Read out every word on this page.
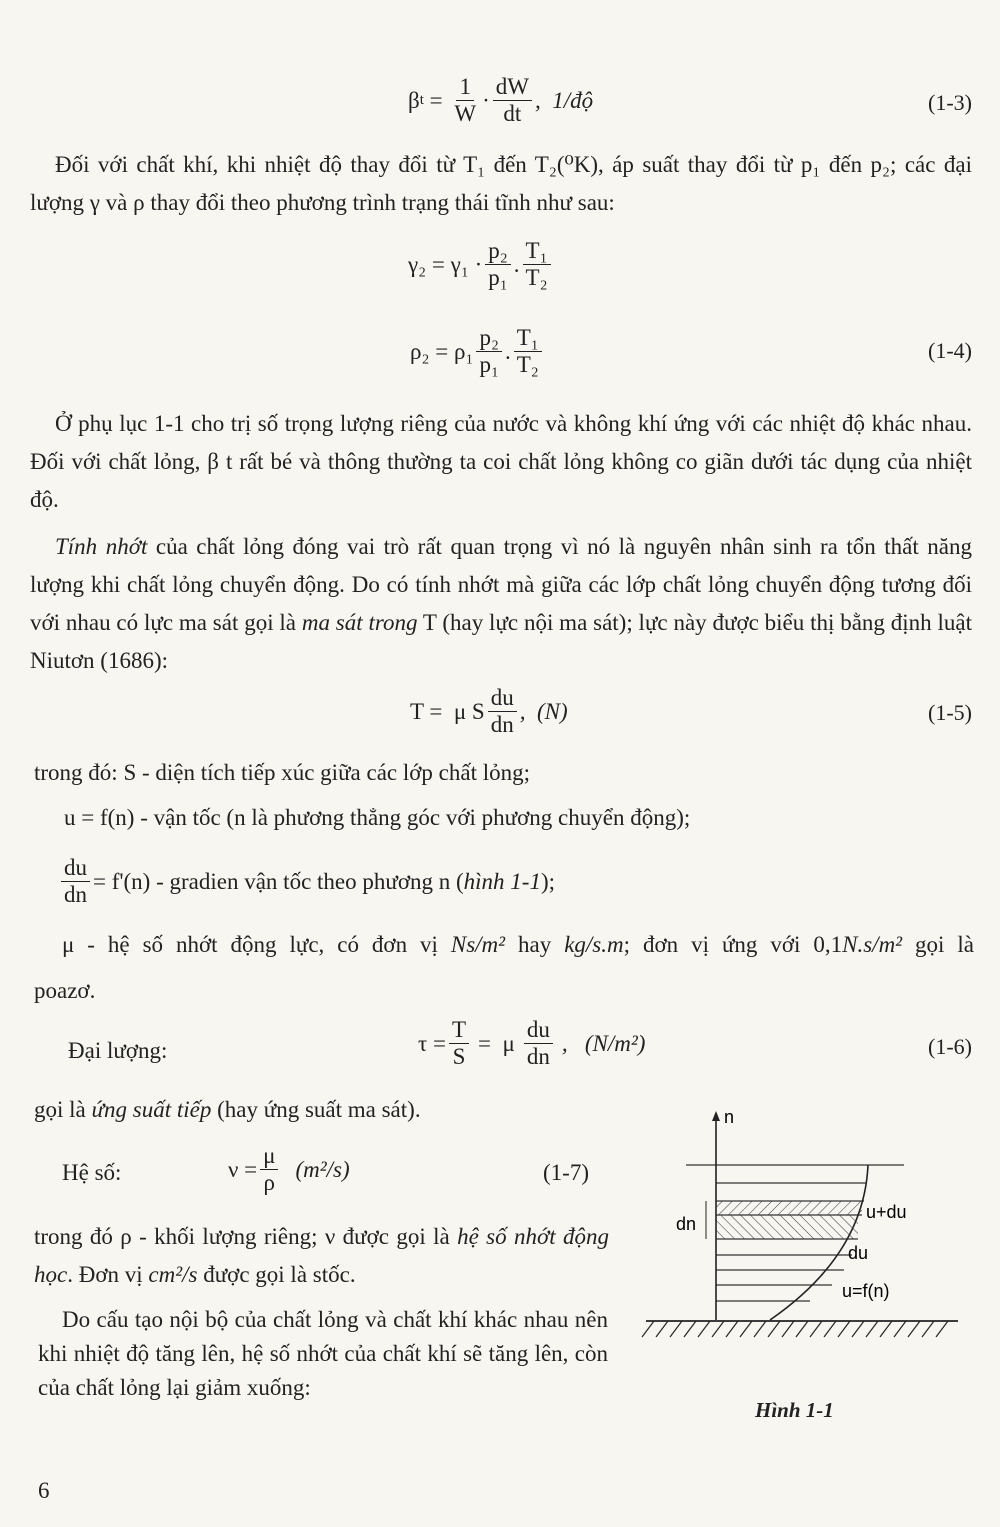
β $t = \frac{1}{W} \cdot \frac{dW}{dt}$ ,  1/độ	(1-3)
Đối với chất khí, khi nhiệt độ thay đổi từ T₁ đến T₂(⁰K), áp suất thay đổi từ p₁ đến p₂; các đại lượng γ và ρ thay đổi theo phương trình trạng thái tĩnh như sau:
$\gamma_2 = \gamma_1 \cdot \frac{\text{p₂}}{\text{p₁}}$ . $\frac{\text{T₁}}{\text{T₂}}$
$\rho_2 = \rho_1 \frac{\text{p₂}}{\text{p₁}}$ . $\frac{\text{T₁}}{\text{T₂}}$	(1-4)
Ở phụ lục 1-1 cho trị số trọng lượng riêng của nước và không khí ứng với các nhiệt độ khác nhau. Đối với chất lỏng, β t rất bé và thông thường ta coi chất lỏng không co giãn dưới tác dụng của nhiệt độ.
Tính nhớt của chất lỏng đóng vai trò rất quan trọng vì nó là nguyên nhân sinh ra tổn thất năng lượng khi chất lỏng chuyển động. Do có tính nhớt mà giữa các lớp chất lỏng chuyển động tương đối với nhau có lực ma sát gọi là ma sát trong T (hay lực nội ma sát); lực này được biểu thị bằng định luật Niutơn (1686):
T =  μ S $\frac{du}{dn}$ ,  (N)	(1-5)
trong đó: S - diện tích tiếp xúc giữa các lớp chất lỏng;
u = f(n) - vận tốc (n là phương thẳng góc với phương chuyển động);
$\frac{du}{dn} = f'(n)$ - gradien vận tốc theo phương n ( hình 1-1 );
μ - hệ số nhớt động lực, có đơn vị Ns/m² hay kg/s.m; đơn vị ứng với 0,1N.s/m² gọi là
poazơ.
Đại lượng:	$\tau = \frac{T}{S} = \mu \frac{du}{dn}$ ,   (N/m²)	(1-6)
gọi là ứng suất tiếp (hay ứng suất ma sát).
Hệ số:	$\nu = \frac{\mu}{\rho} (m^2/s)$	(1-7)
trong đó ρ - khối lượng riêng; ν được gọi là hệ số nhớt động học. Đơn vị cm²/s được gọi là stốc.
Do cấu tạo nội bộ của chất lỏng và chất khí khác nhau nên khi nhiệt độ tăng lên, hệ số nhớt của chất khí sẽ tăng lên, còn của chất lỏng lại giảm xuống:
n
dn
u+du
du
u=f(n)
Hình 1-1
6
